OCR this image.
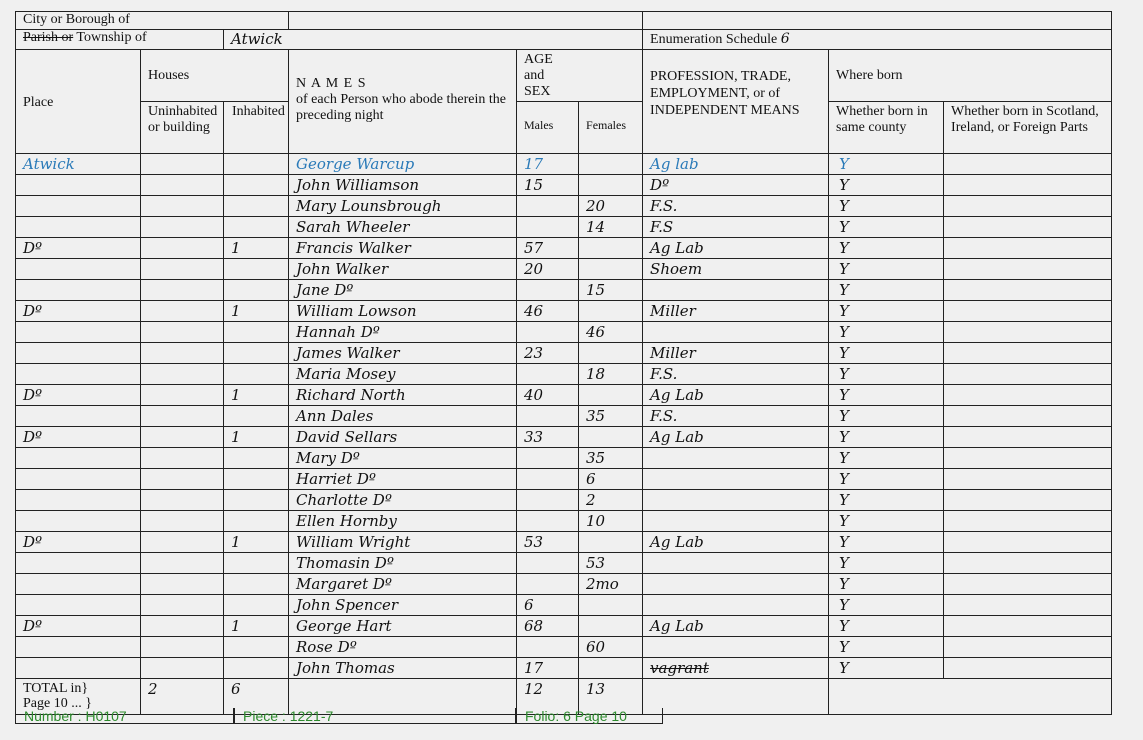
City or Borough of								
Parish or Township of		Atwick				Enumeration Schedule 6		
Place	Houses		N A M E S
of each Person who abode therein the preceding night	AGE and SEX		PROFESSION, TRADE, EMPLOYMENT, or of INDEPENDENT MEANS	Where born	
	Uninhabited or building	Inhabited		Males	Females		Whether born in same county	Whether born in Scotland, Ireland, or Foreign Parts
Atwick			George Warcup	17		Ag lab	Y	
			John Williamson	15		Dº	Y	
			Mary Lounsbrough		20	F.S.	Y	
			Sarah Wheeler		14	F.S	Y	
Dº		1	Francis Walker	57		Ag Lab	Y	
			John Walker	20		Shoem	Y	
			Jane Dº		15		Y	
Dº		1	William Lowson	46		Miller	Y	
			Hannah Dº		46		Y	
			James Walker	23		Miller	Y	
			Maria Mosey		18	F.S.	Y	
Dº		1	Richard North	40		Ag Lab	Y	
			Ann Dales		35	F.S.	Y	
Dº		1	David Sellars	33		Ag Lab	Y	
			Mary Dº		35		Y	
			Harriet Dº		6		Y	
			Charlotte Dº		2		Y	
			Ellen Hornby		10		Y	
Dº		1	William Wright	53		Ag Lab	Y	
			Thomasin Dº		53		Y	
			Margaret Dº		2mo		Y	
			John Spencer	6			Y	
Dº		1	George Hart	68		Ag Lab	Y	
			Rose Dº		60		Y	
			John Thomas	17		vagrant	Y	

TOTAL in}
Page 10 ... }	2	6		12	13			
Number : H0107	Piece : 1221-7	Folio: 6 Page 10
